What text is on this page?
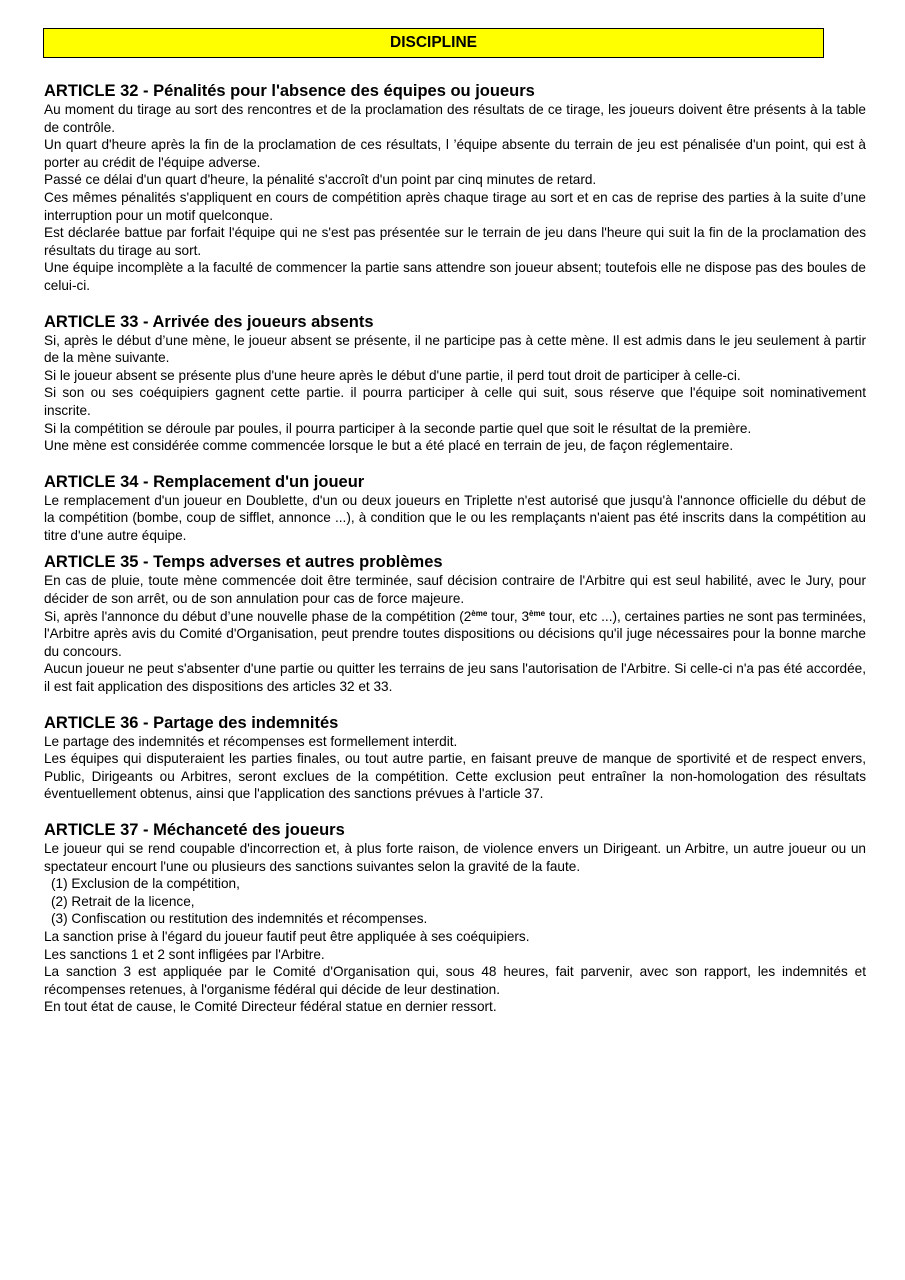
DISCIPLINE
ARTICLE 32 - Pénalités pour l'absence des équipes ou joueurs

Au moment du tirage au sort des rencontres et de la proclamation des résultats de ce tirage, les joueurs doivent être présents à la table de contrôle.

Un quart d'heure après la fin de la proclamation de ces résultats, l ’équipe absente du terrain de jeu est pénalisée d'un point, qui est à porter au crédit de l'équipe adverse.

Passé ce délai d'un quart d'heure, la pénalité s'accroît d'un point par cinq minutes de retard.

Ces mêmes pénalités s'appliquent en cours de compétition après chaque tirage au sort et en cas de reprise des parties à la suite d’une interruption pour un motif quelconque.

Est déclarée battue par forfait l'équipe qui ne s'est pas présentée sur le terrain de jeu dans l'heure qui suit la fin de la proclamation des résultats du tirage au sort.

Une équipe incomplète a la faculté de commencer la partie sans attendre son joueur absent; toutefois elle ne dispose pas des boules de celui-ci.

ARTICLE 33 - Arrivée des joueurs absents

Si, après le début d’une mène, le joueur absent se présente, il ne participe pas à cette mène. Il est admis dans le jeu seulement à partir de la mène suivante.

Si le joueur absent se présente plus d'une heure après le début d'une partie, il perd tout droit de participer à celle-ci.

Si son ou ses coéquipiers gagnent cette partie. il pourra participer à celle qui suit, sous réserve que l'équipe soit nominativement inscrite.

Si la compétition se déroule par poules, il pourra participer à la seconde partie quel que soit le résultat de la première.

Une mène est considérée comme commencée lorsque le but a été placé en terrain de jeu, de façon réglementaire.

ARTICLE 34 - Remplacement d'un joueur

Le remplacement d'un joueur en Doublette, d'un ou deux joueurs en Triplette n'est autorisé que jusqu'à l'annonce officielle du début de la compétition (bombe, coup de sifflet, annonce ...), à condition que le ou les remplaçants n'aient pas été inscrits dans la compétition au titre d'une autre équipe.

ARTICLE 35 - Temps adverses et autres problèmes

En cas de pluie, toute mène commencée doit être terminée, sauf décision contraire de l'Arbitre qui est seul habilité, avec le Jury, pour décider de son arrêt, ou de son annulation pour cas de force majeure.

Si, après l'annonce du début d’une nouvelle phase de la compétition (2ème tour, 3ème tour, etc ...), certaines parties ne sont pas terminées, l'Arbitre après avis du Comité d'Organisation, peut prendre toutes dispositions ou décisions qu'il juge nécessaires pour la bonne marche du concours.

Aucun joueur ne peut s'absenter d'une partie ou quitter les terrains de jeu sans l'autorisation de l'Arbitre. Si celle-ci n'a pas été accordée, il est fait application des dispositions des articles 32 et 33.

ARTICLE 36 - Partage des indemnités

Le partage des indemnités et récompenses est formellement interdit.

Les équipes qui disputeraient les parties finales, ou tout autre partie, en faisant preuve de manque de sportivité et de respect envers, Public, Dirigeants ou Arbitres, seront exclues de la compétition. Cette exclusion peut entraîner la non-homologation des résultats éventuellement obtenus, ainsi que l'application des sanctions prévues à l'article 37.

ARTICLE 37 - Méchanceté des joueurs

Le joueur qui se rend coupable d'incorrection et, à plus forte raison, de violence envers un Dirigeant. un Arbitre, un autre joueur ou un spectateur encourt l'une ou plusieurs des sanctions suivantes selon la gravité de la faute.

(1) Exclusion de la compétition,

(2) Retrait de la licence,

(3) Confiscation ou restitution des indemnités et récompenses.

La sanction prise à l'égard du joueur fautif peut être appliquée à ses coéquipiers.

Les sanctions 1 et 2 sont infligées par l'Arbitre.

La sanction 3 est appliquée par le Comité d'Organisation qui, sous 48 heures, fait parvenir, avec son rapport, les indemnités et récompenses retenues, à l'organisme fédéral qui décide de leur destination.

En tout état de cause, le Comité Directeur fédéral statue en dernier ressort.
